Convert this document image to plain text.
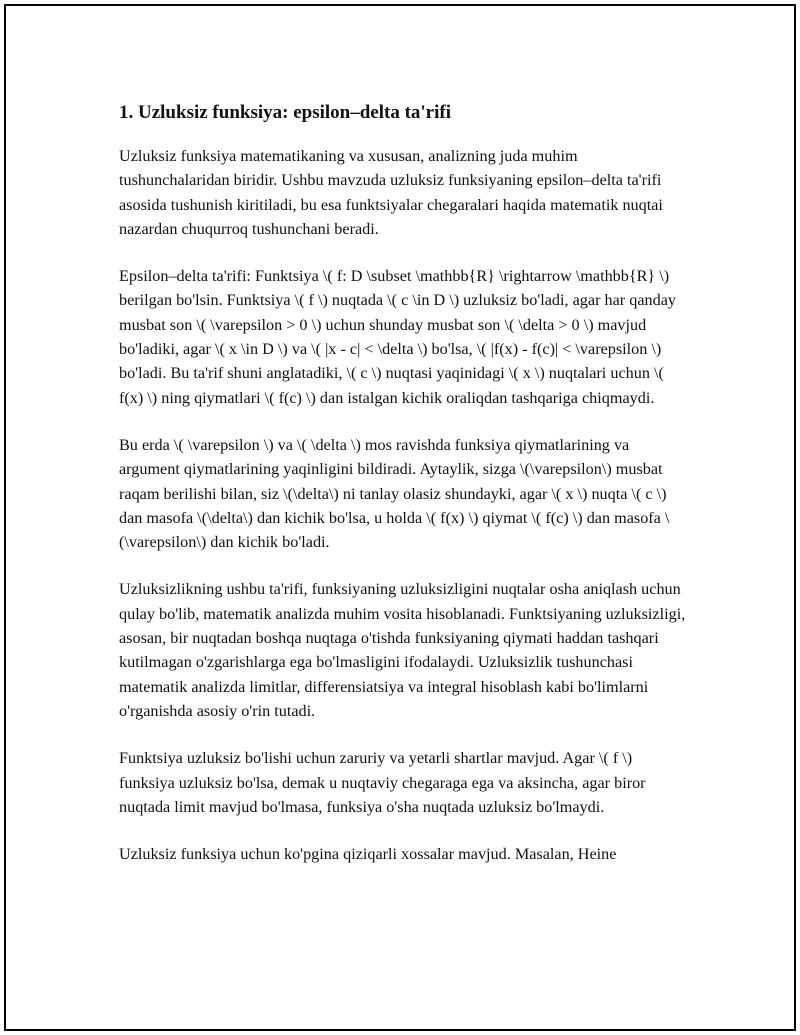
1. Uzluksiz funksiya: epsilon–delta ta'rifi

Uzluksiz funksiya matematikaning va xususan, analizning juda muhim tushunchalaridan biridir. Ushbu mavzuda uzluksiz funksiyaning epsilon–delta ta'rifi asosida tushunish kiritiladi, bu esa funktsiyalar chegaralari haqida matematik nuqtai nazardan chuqurroq tushunchani beradi.

Epsilon–delta ta'rifi: Funktsiya \( f: D \subset \mathbb{R} \rightarrow \mathbb{R} \) berilgan bo'lsin. Funktsiya \( f \) nuqtada \( c \in D \) uzluksiz bo'ladi, agar har qanday musbat son \( \varepsilon > 0 \) uchun shunday musbat son \( \delta > 0 \) mavjud bo'ladiki, agar \( x \in D \) va \( |x - c| < \delta \) bo'lsa, \( |f(x) - f(c)| < \varepsilon \) bo'ladi. Bu ta'rif shuni anglatadiki, \( c \) nuqtasi yaqinidagi \( x \) nuqtalari uchun \( f(x) \) ning qiymatlari \( f(c) \) dan istalgan kichik oraliqdan tashqariga chiqmaydi.

Bu erda \( \varepsilon \) va \( \delta \) mos ravishda funksiya qiymatlarining va argument qiymatlarining yaqinligini bildiradi. Aytaylik, sizga \(\varepsilon\) musbat raqam berilishi bilan, siz \(\delta\) ni tanlay olasiz shundayki, agar \( x \) nuqta \( c \) dan masofa \(\delta\) dan kichik bo'lsa, u holda \( f(x) \) qiymat \( f(c) \) dan masofa \(\varepsilon\) dan kichik bo'ladi.

Uzluksizlikning ushbu ta'rifi, funksiyaning uzluksizligini nuqtalar osha aniqlash uchun qulay bo'lib, matematik analizda muhim vosita hisoblanadi. Funktsiyaning uzluksizligi, asosan, bir nuqtadan boshqa nuqtaga o'tishda funksiyaning qiymati haddan tashqari kutilmagan o'zgarishlarga ega bo'lmasligini ifodalaydi. Uzluksizlik tushunchasi matematik analizda limitlar, differensiatsiya va integral hisoblash kabi bo'limlarni o'rganishda asosiy o'rin tutadi.

Funktsiya uzluksiz bo'lishi uchun zaruriy va yetarli shartlar mavjud. Agar \( f \) funksiya uzluksiz bo'lsa, demak u nuqtaviy chegaraga ega va aksincha, agar biror nuqtada limit mavjud bo'lmasa, funksiya o'sha nuqtada uzluksiz bo'lmaydi.

Uzluksiz funksiya uchun ko'pgina qiziqarli xossalar mavjud. Masalan, Heine
